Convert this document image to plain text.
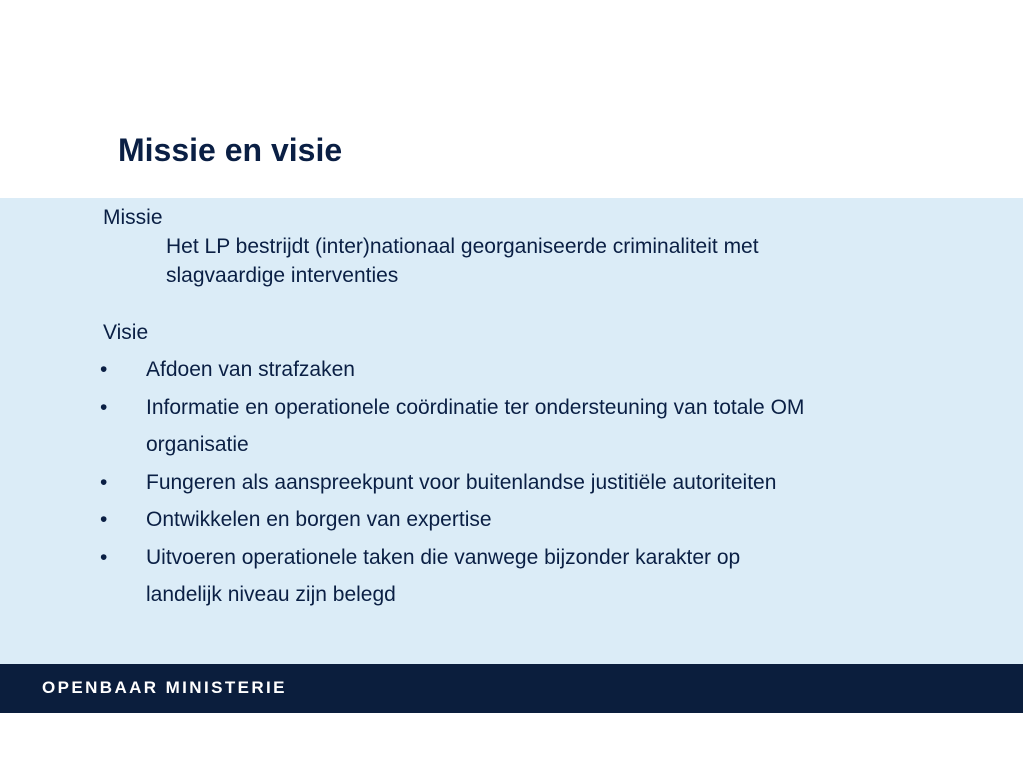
Missie en visie
Missie
Het LP bestrijdt (inter)nationaal georganiseerde criminaliteit met
slagvaardige interventies
Visie
• Afdoen van strafzaken
• Informatie en operationele coördinatie ter ondersteuning van totale OM
organisatie
• Fungeren als aanspreekpunt voor buitenlandse justitiële autoriteiten
• Ontwikkelen en borgen van expertise
• Uitvoeren operationele taken die vanwege bijzonder karakter op
landelijk niveau zijn belegd
OPENBAAR MINISTERIE
